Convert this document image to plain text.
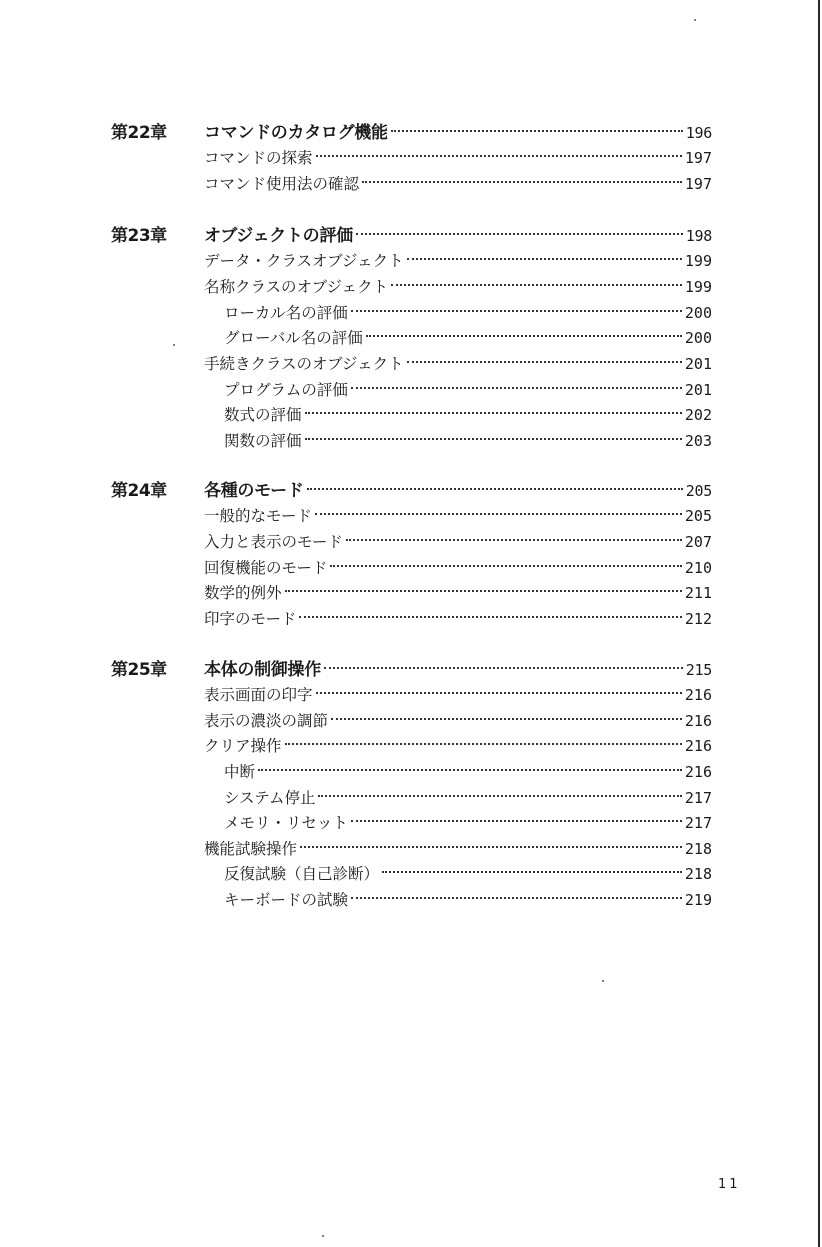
第22章 コマンドのカタログ機能	196
コマンドの探索	197
コマンド使用法の確認	197
第23章 オブジェクトの評価	198
データ・クラスオブジェクト	199
名称クラスのオブジェクト	199
ローカル名の評価	200
グローバル名の評価	200
手続きクラスのオブジェクト	201
プログラムの評価	201
数式の評価	202
関数の評価	203
第24章 各種のモード	205
一般的なモード	205
入力と表示のモード	207
回復機能のモード	210
数学的例外	211
印字のモード	212
第25章 本体の制御操作	215
表示画面の印字	216
表示の濃淡の調節	216
クリア操作	216
中断	216
システム停止	217
メモリ・リセット	217
機能試験操作	218
反復試験（自己診断）	218
キーボードの試験	219
11
